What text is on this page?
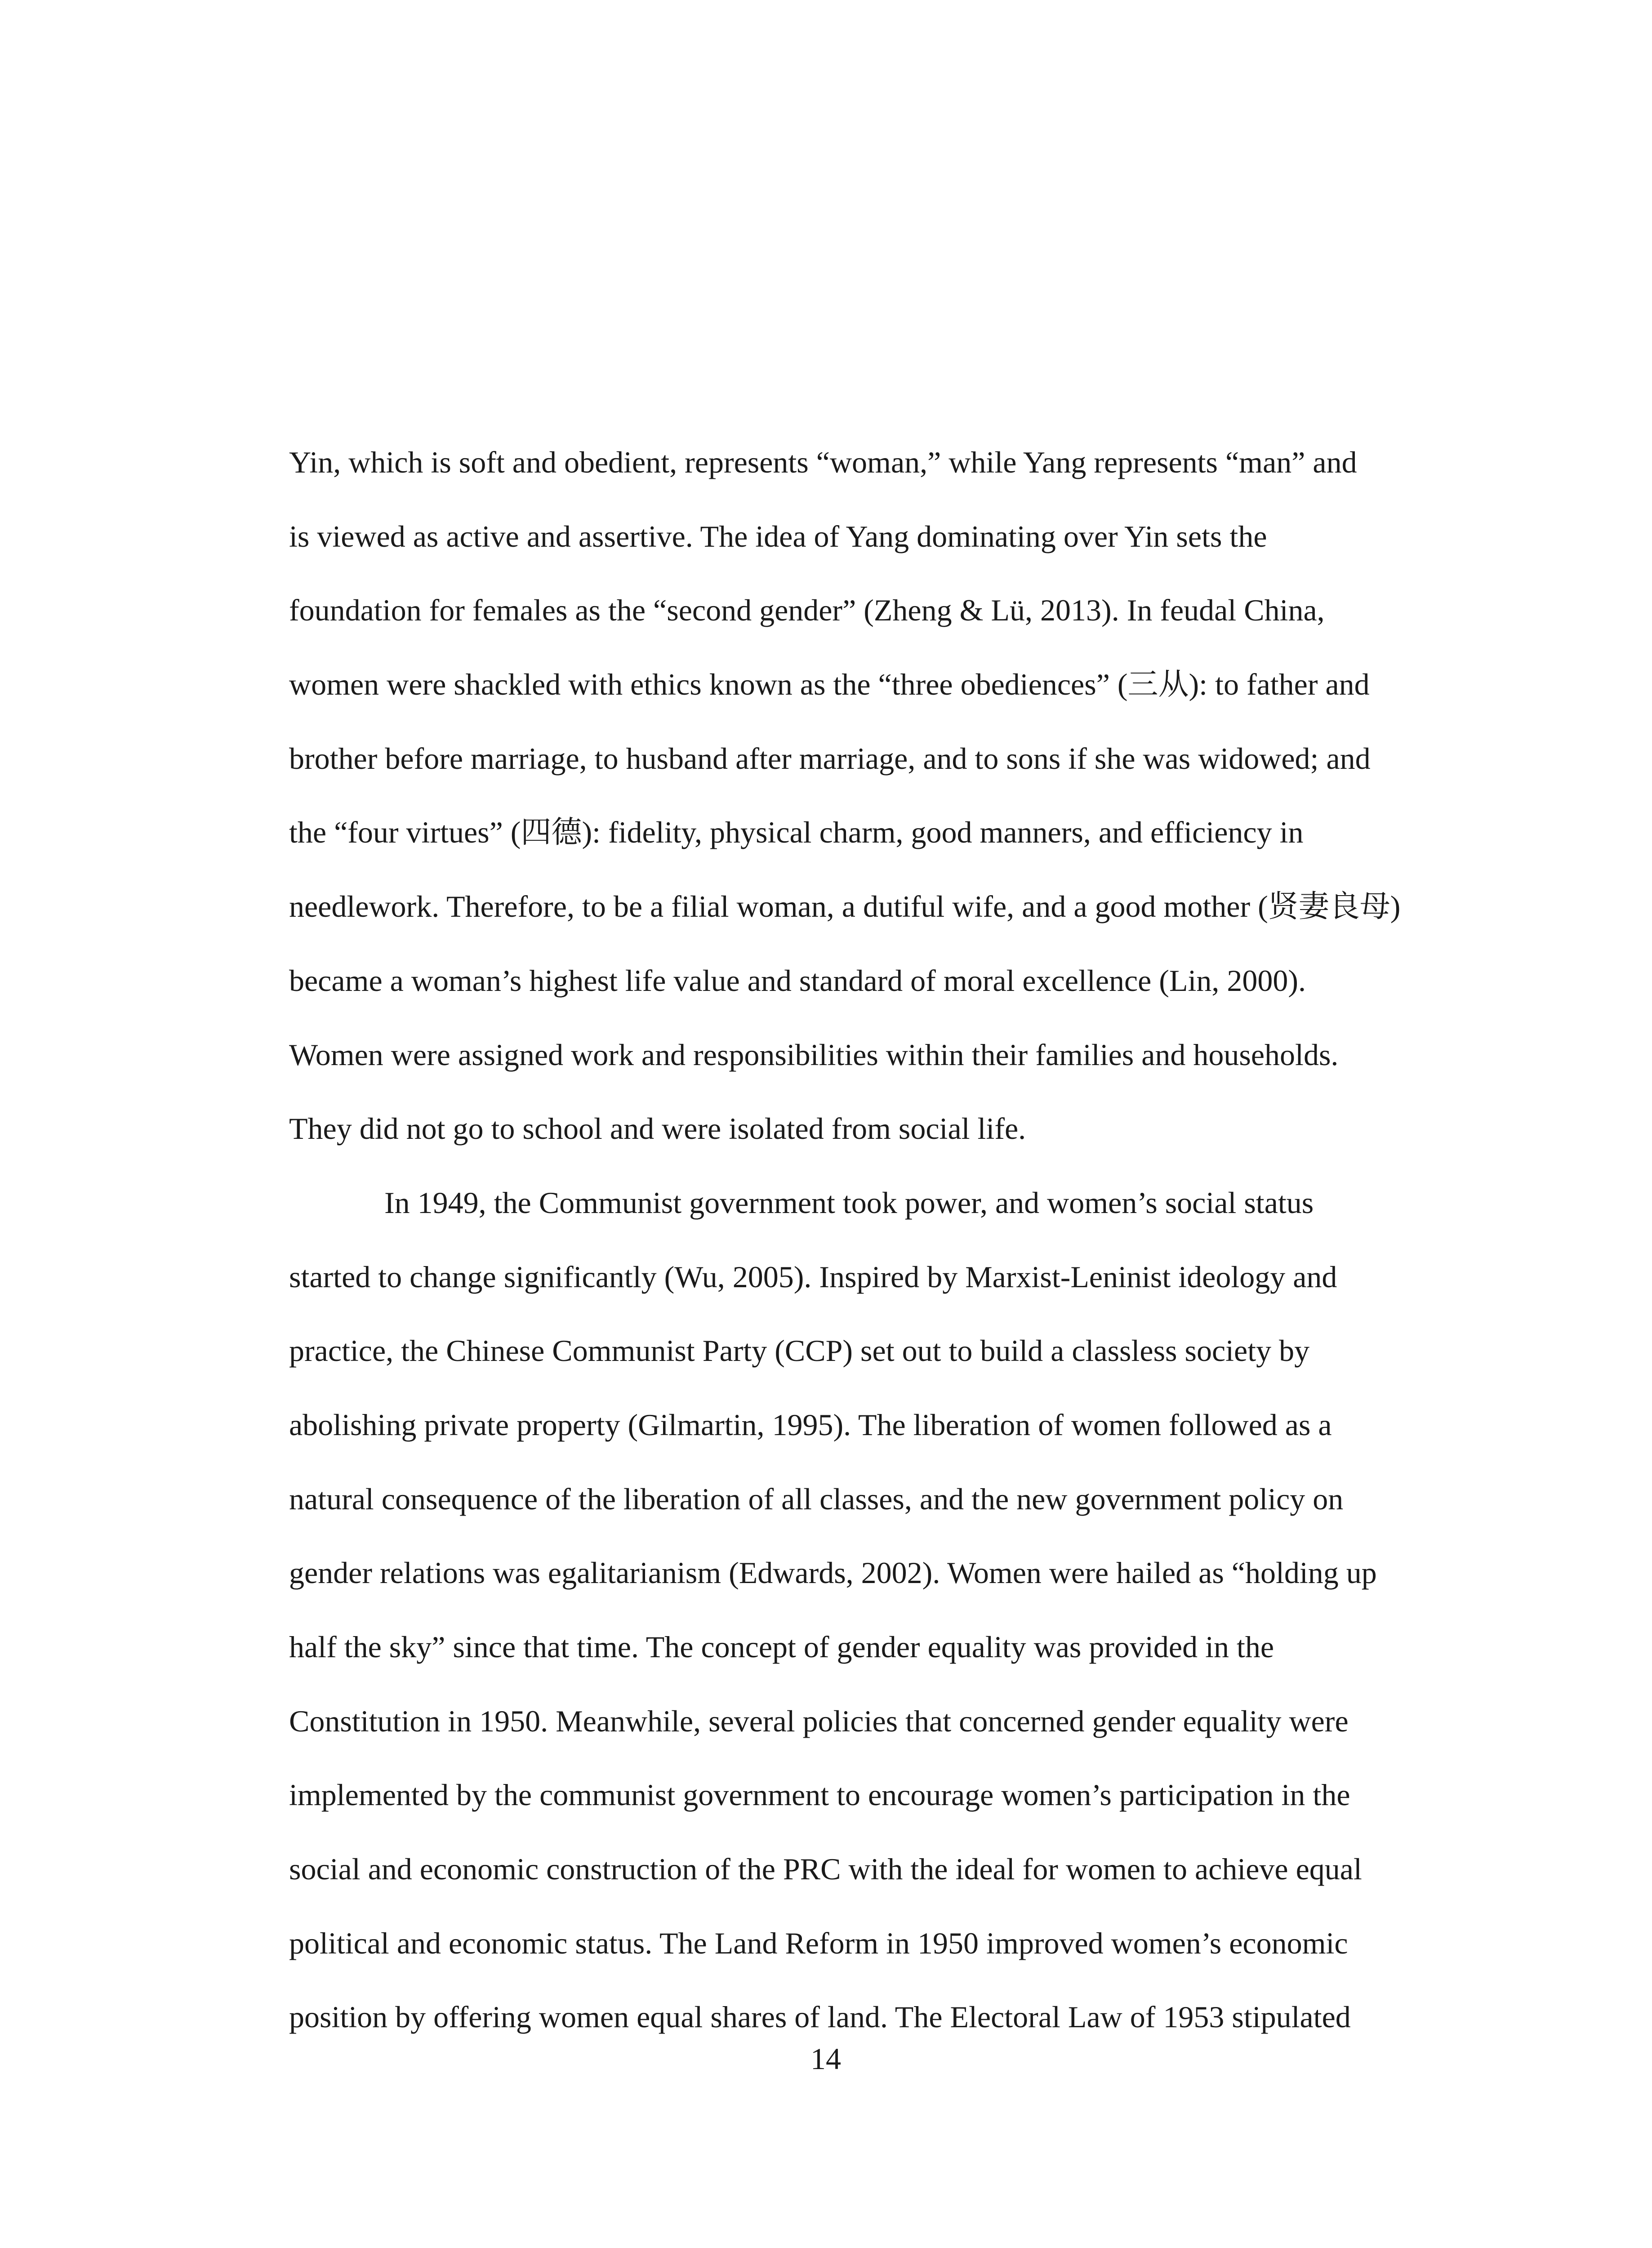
Yin, which is soft and obedient, represents “woman,” while Yang represents “man” and
is viewed as active and assertive. The idea of Yang dominating over Yin sets the
foundation for females as the “second gender” (Zheng & Lü, 2013). In feudal China,
women were shackled with ethics known as the “three obediences” (三从): to father and
brother before marriage, to husband after marriage, and to sons if she was widowed; and
the “four virtues” (四德): fidelity, physical charm, good manners, and efficiency in
needlework. Therefore, to be a filial woman, a dutiful wife, and a good mother (贤妻良母)
became a woman’s highest life value and standard of moral excellence (Lin, 2000).
Women were assigned work and responsibilities within their families and households.
They did not go to school and were isolated from social life.
In 1949, the Communist government took power, and women’s social status
started to change significantly (Wu, 2005). Inspired by Marxist-Leninist ideology and
practice, the Chinese Communist Party (CCP) set out to build a classless society by
abolishing private property (Gilmartin, 1995). The liberation of women followed as a
natural consequence of the liberation of all classes, and the new government policy on
gender relations was egalitarianism (Edwards, 2002). Women were hailed as “holding up
half the sky” since that time. The concept of gender equality was provided in the
Constitution in 1950. Meanwhile, several policies that concerned gender equality were
implemented by the communist government to encourage women’s participation in the
social and economic construction of the PRC with the ideal for women to achieve equal
political and economic status. The Land Reform in 1950 improved women’s economic
position by offering women equal shares of land. The Electoral Law of 1953 stipulated
14
